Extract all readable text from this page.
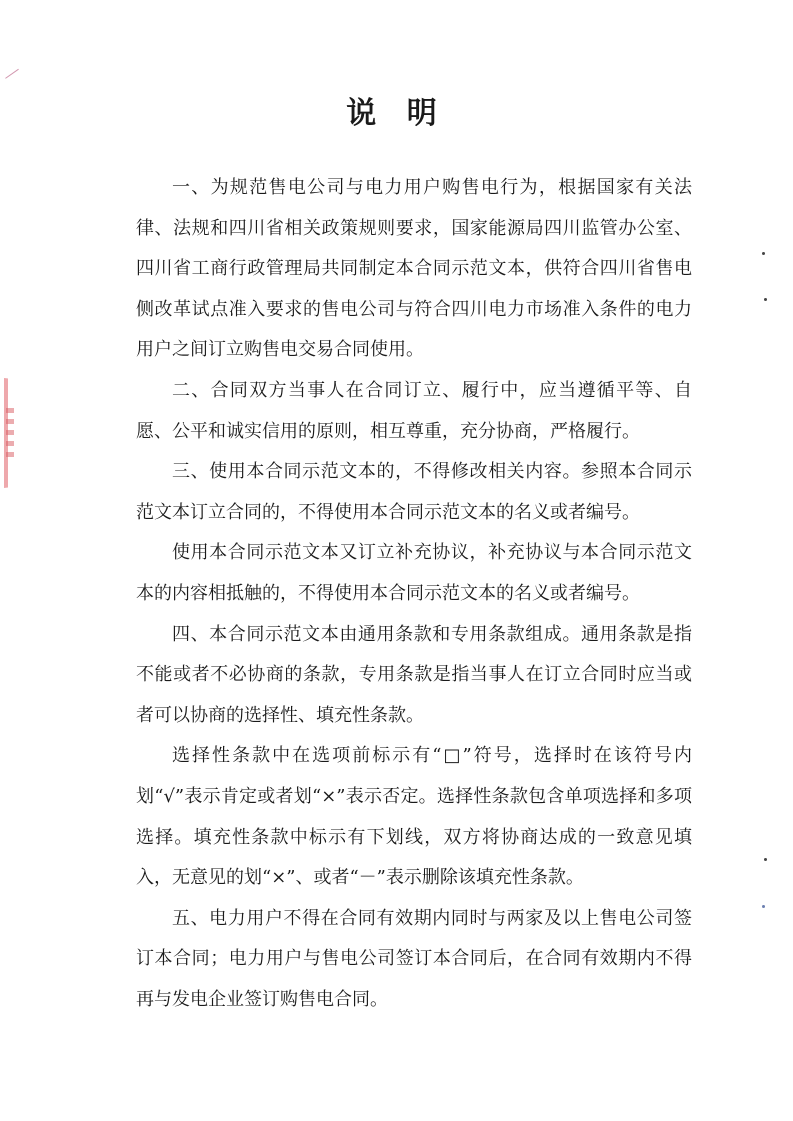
说 明

一、为规范售电公司与电力用户购售电行为，根据国家有关法律、法规和四川省相关政策规则要求，国家能源局四川监管办公室、四川省工商行政管理局共同制定本合同示范文本，供符合四川省售电侧改革试点准入要求的售电公司与符合四川电力市场准入条件的电力用户之间订立购售电交易合同使用。

二、合同双方当事人在合同订立、履行中，应当遵循平等、自愿、公平和诚实信用的原则，相互尊重，充分协商，严格履行。

三、使用本合同示范文本的，不得修改相关内容。参照本合同示范文本订立合同的，不得使用本合同示范文本的名义或者编号。

使用本合同示范文本又订立补充协议，补充协议与本合同示范文本的内容相抵触的，不得使用本合同示范文本的名义或者编号。

四、本合同示范文本由通用条款和专用条款组成。通用条款是指不能或者不必协商的条款，专用条款是指当事人在订立合同时应当或者可以协商的选择性、填充性条款。

选择性条款中在选项前标示有“□”符号，选择时在该符号内划“√”表示肯定或者划“×”表示否定。选择性条款包含单项选择和多项选择。填充性条款中标示有下划线，双方将协商达成的一致意见填入，无意见的划“×”、或者“－”表示删除该填充性条款。

五、电力用户不得在合同有效期内同时与两家及以上售电公司签订本合同；电力用户与售电公司签订本合同后，在合同有效期内不得再与发电企业签订购售电合同。
